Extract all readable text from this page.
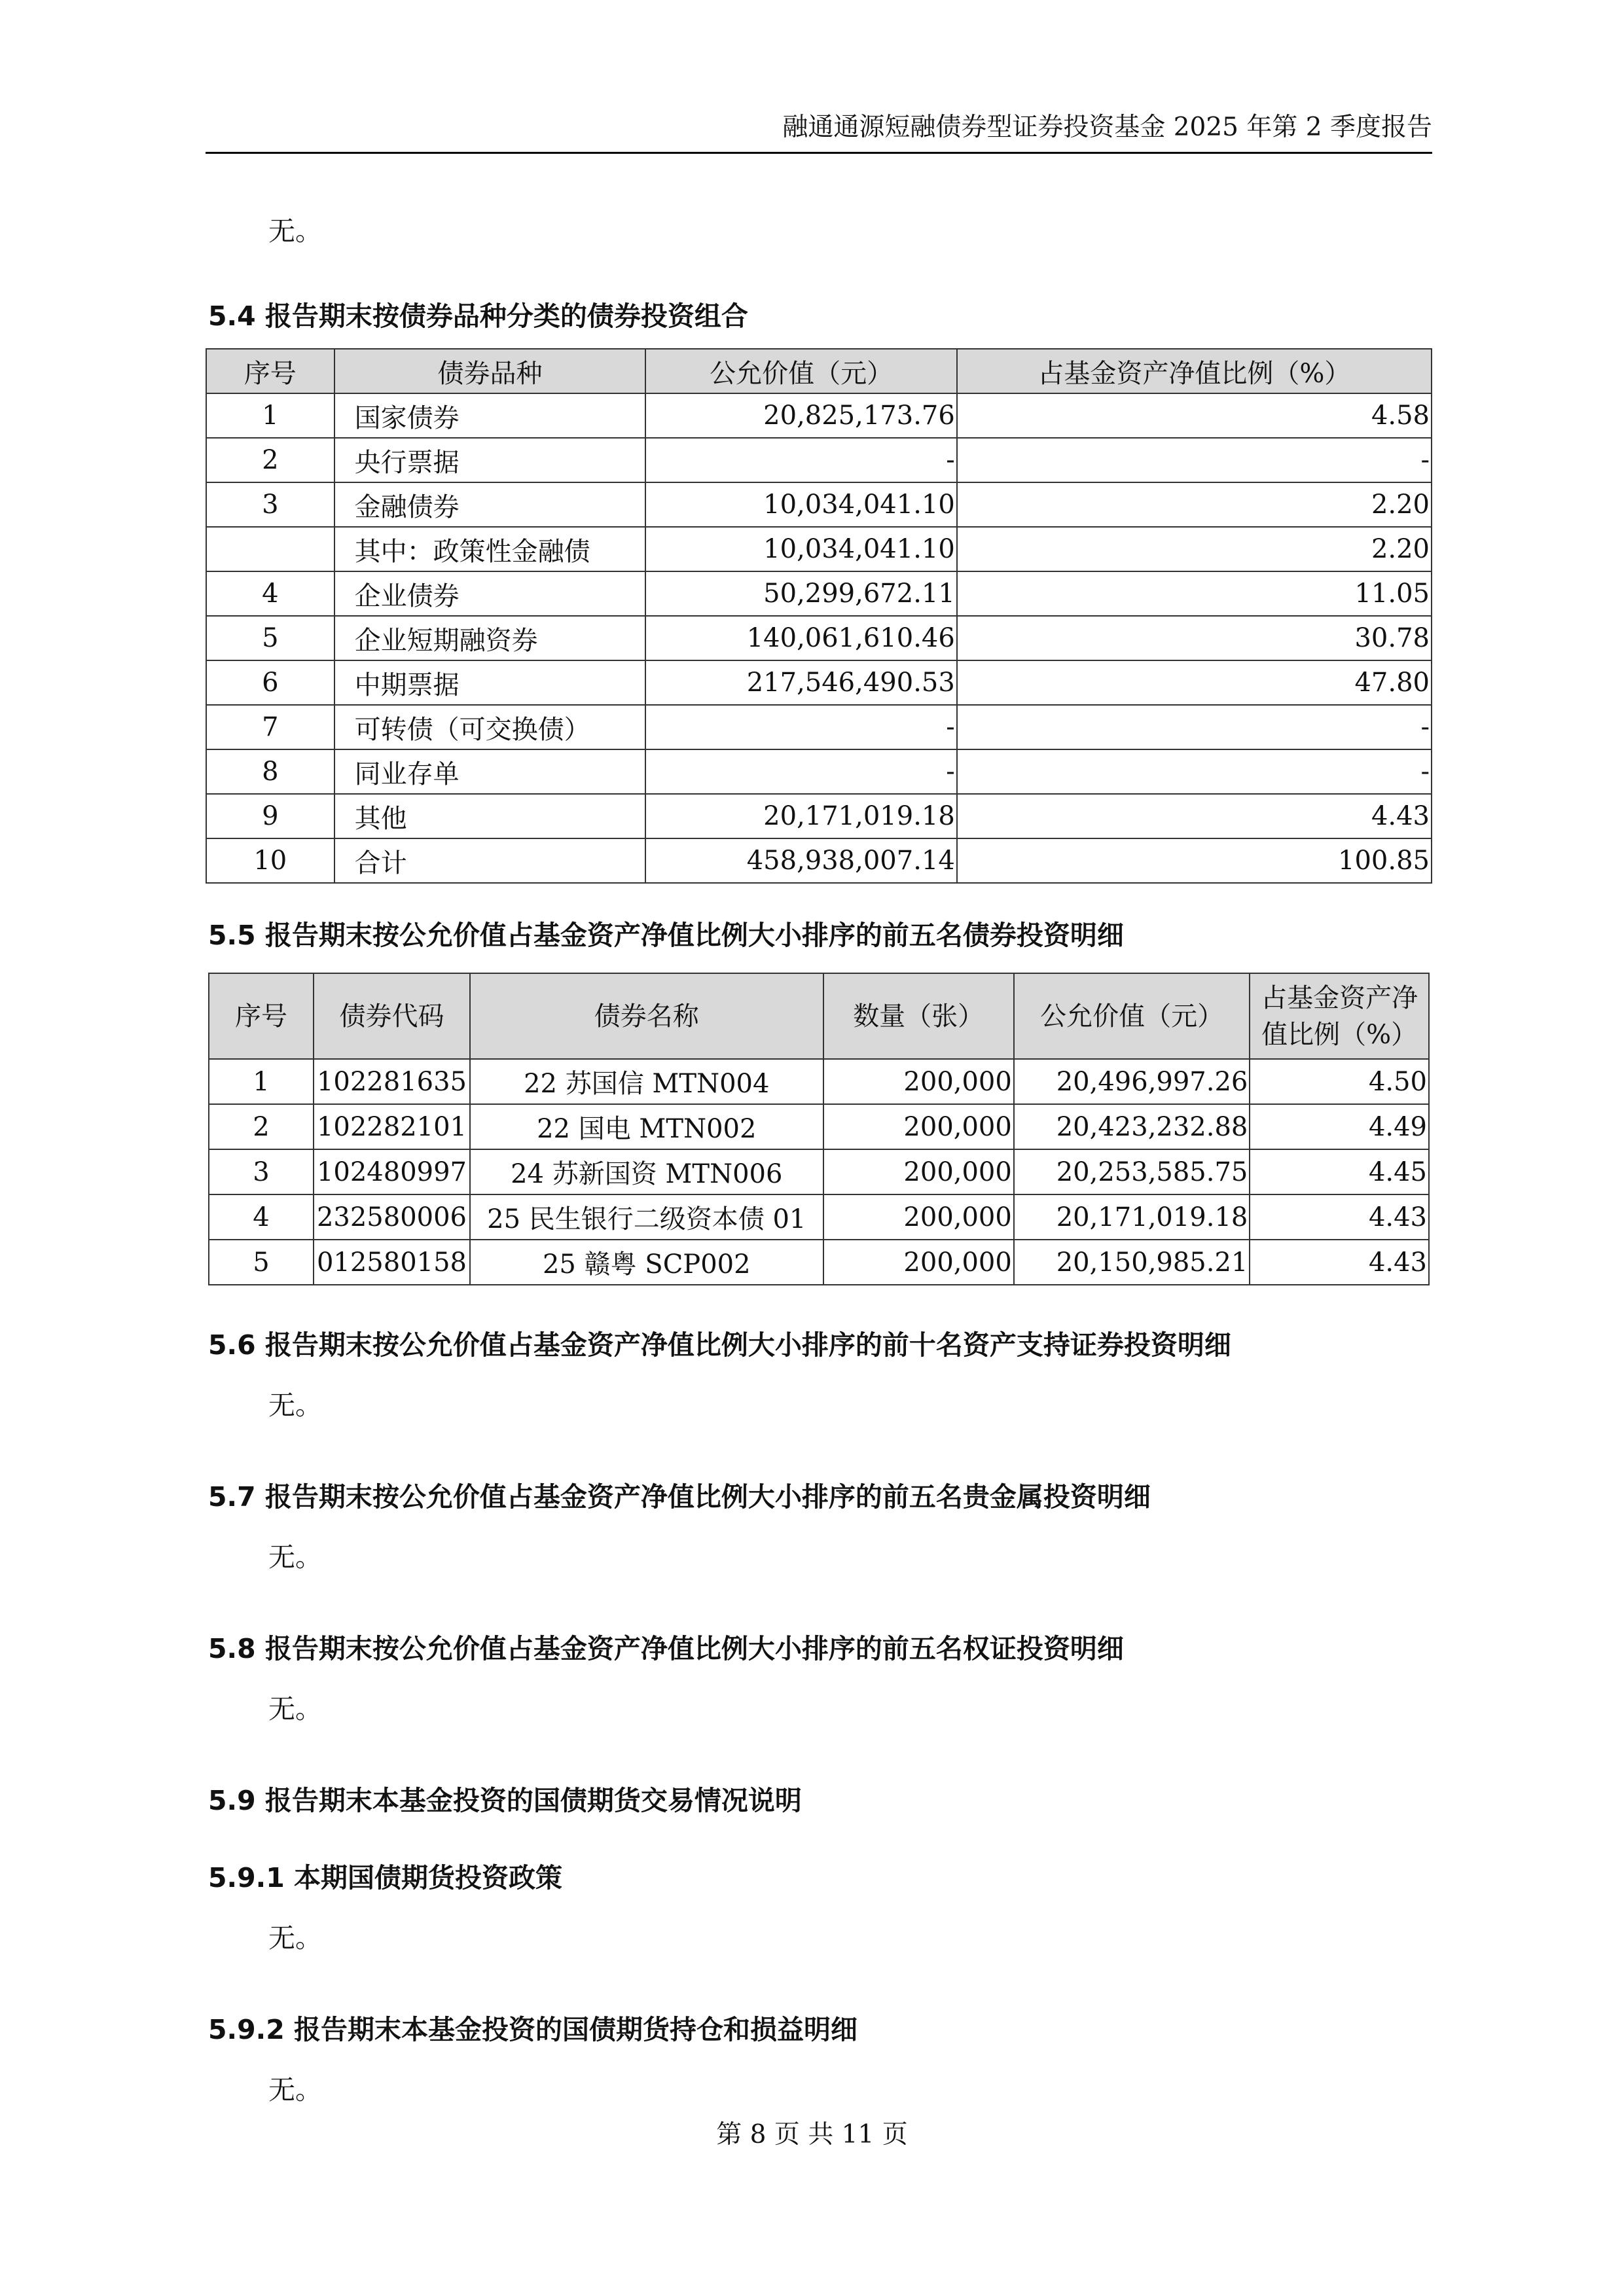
融通通源短融债券型证券投资基金 2025 年第 2 季度报告
无。
5.4 报告期末按债券品种分类的债券投资组合
序号	债券品种	公允价值（元）	占基金资产净值比例（%）
1	国家债券	20,825,173.76	4.58
2	央行票据	-	-
3	金融债券	10,034,041.10	2.20
	其中：政策性金融债	10,034,041.10	2.20
4	企业债券	50,299,672.11	11.05
5	企业短期融资券	140,061,610.46	30.78
6	中期票据	217,546,490.53	47.80
7	可转债（可交换债）	-	-
8	同业存单	-	-
9	其他	20,171,019.18	4.43
10	合计	458,938,007.14	100.85
5.5 报告期末按公允价值占基金资产净值比例大小排序的前五名债券投资明细
序号	债券代码	债券名称	数量（张）	公允价值（元）	占基金资产净值比例（%）
1	102281635	22 苏国信 MTN004	200,000	20,496,997.26	4.50
2	102282101	22 国电 MTN002	200,000	20,423,232.88	4.49
3	102480997	24 苏新国资 MTN006	200,000	20,253,585.75	4.45
4	232580006	25 民生银行二级资本债 01	200,000	20,171,019.18	4.43
5	012580158	25 赣粤 SCP002	200,000	20,150,985.21	4.43
5.6 报告期末按公允价值占基金资产净值比例大小排序的前十名资产支持证券投资明细
无。
5.7 报告期末按公允价值占基金资产净值比例大小排序的前五名贵金属投资明细
无。
5.8 报告期末按公允价值占基金资产净值比例大小排序的前五名权证投资明细
无。
5.9 报告期末本基金投资的国债期货交易情况说明
5.9.1 本期国债期货投资政策
无。
5.9.2 报告期末本基金投资的国债期货持仓和损益明细
无。
第 8 页 共 11 页
